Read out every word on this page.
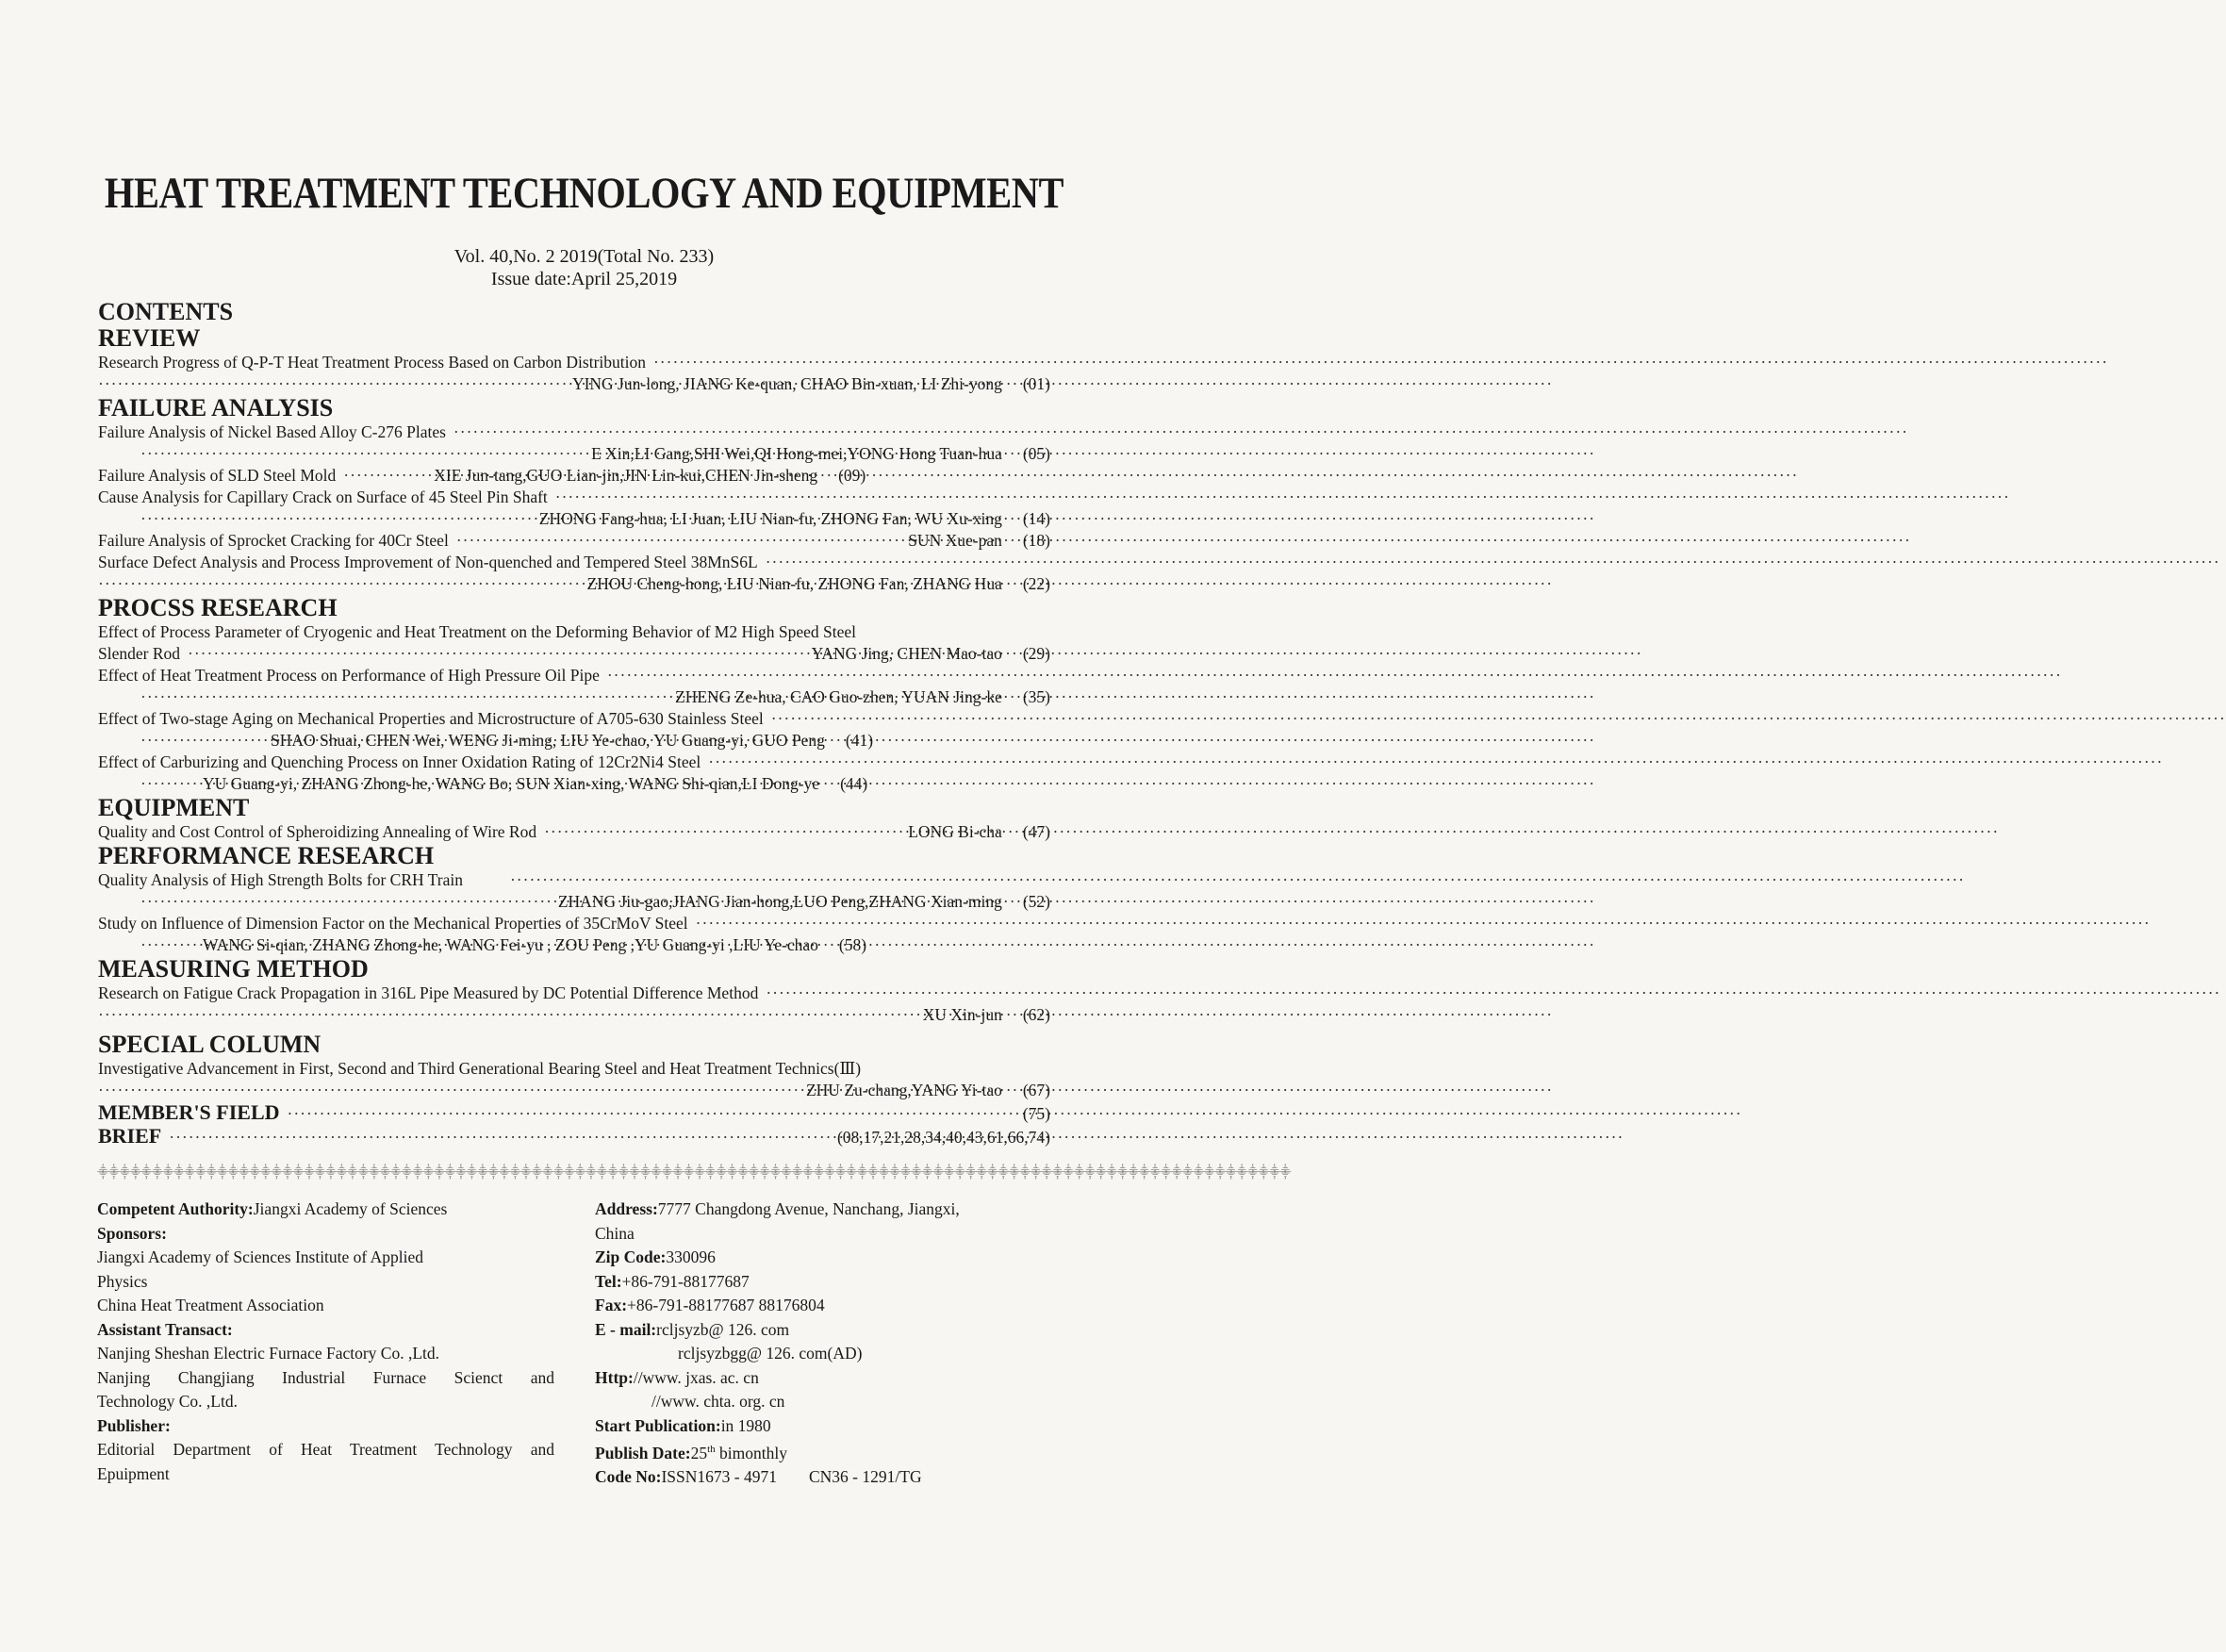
HEAT TREATMENT TECHNOLOGY AND EQUIPMENT
Vol. 40,No. 2 2019(Total No. 233)
Issue date:April 25,2019
CONTENTS
REVIEW
Research Progress of Q-P-T Heat Treatment Process Based on Carbon Distribution
·····
·····
YING Jun-long, JIANG Ke-quan, CHAO Bin-xuan, LI Zhi-yong (01)
FAILURE ANALYSIS
Failure Analysis of Nickel Based Alloy C-276 Plates
·····
·····
E Xin,LI Gang,SHI Wei,QI Hong-mei,YONG Hong Tuan-hua (05)
Failure Analysis of SLD Steel Mold ·····	XIE Jun-tang,GUO Lian-jin,JIN Lin-kui,CHEN Jin-sheng (09)
Cause Analysis for Capillary Crack on Surface of 45 Steel Pin Shaft
·····
·····
ZHONG Fang-hua, LI Juan, LIU Nian-fu, ZHONG Fan, WU Xu-xing (14)
Failure Analysis of Sprocket Cracking for 40Cr Steel ·····	SUN Xue-pan (18)
Surface Defect Analysis and Process Improvement of Non-quenched and Tempered Steel 38MnS6L
·····
·····
ZHOU Cheng-hong, LIU Nian-fu, ZHONG Fan, ZHANG Hua (22)
PROCSS RESEARCH
Effect of Process Parameter of Cryogenic and Heat Treatment on the Deforming Behavior of M2 High Speed Steel
Slender Rod ·····	YANG Jing, CHEN Mao-tao (29)
Effect of Heat Treatment Process on Performance of High Pressure Oil Pipe
·····
·····
ZHENG Ze-hua, CAO Guo-zhen, YUAN Jing-ke (35)
Effect of Two-stage Aging on Mechanical Properties and Microstructure of A705-630 Stainless Steel
·····
·····
SHAO Shuai, CHEN Wei, WENG Ji-ming, LIU Ye-chao, YU Guang-yi, GUO Peng (41)
Effect of Carburizing and Quenching Process on Inner Oxidation Rating of 12Cr2Ni4 Steel
·····
·····
YU Guang-yi, ZHANG Zhong-he, WANG Bo, SUN Xian-xing, WANG Shi-qian,LI Dong-ye (44)
EQUIPMENT
Quality and Cost Control of Spheroidizing Annealing of Wire Rod ·····	LONG Bi-cha (47)
PERFORMANCE RESEARCH
Quality Analysis of High Strength Bolts for CRH Train
·····
·····
ZHANG Jiu-gao,JIANG Jian-hong,LUO Peng,ZHANG Xian-ming (52)
Study on Influence of Dimension Factor on the Mechanical Properties of 35CrMoV Steel
·····
·····
WANG Si-qian, ZHANG Zhong-he, WANG Fei-yu , ZOU Peng ,YU Guang-yi ,LIU Ye-chao (58)
MEASURING METHOD
Research on Fatigue Crack Propagation in 316L Pipe Measured by DC Potential Difference Method
·····
·····
XU Xin-jun (62)
SPECIAL COLUMN
Investigative Advancement in First, Second and Third Generational Bearing Steel and Heat Treatment Technics(Ⅲ)
·····
ZHU Zu-chang,YANG Yi-tao (67)
MEMBER'S FIELD ·····	(75)
BRIEF ·····	(08,17,21,28,34,40,43,61,66,74)
⸎⸎⸎⸎⸎⸎⸎⸎⸎⸎⸎⸎⸎⸎⸎⸎⸎⸎⸎⸎⸎⸎⸎⸎⸎⸎⸎⸎⸎⸎⸎⸎⸎⸎⸎⸎⸎⸎⸎⸎⸎⸎⸎⸎⸎⸎⸎⸎⸎⸎⸎⸎⸎⸎⸎⸎⸎⸎⸎⸎⸎⸎⸎⸎⸎⸎⸎⸎⸎⸎⸎⸎⸎⸎⸎⸎⸎⸎⸎⸎⸎⸎⸎⸎⸎⸎⸎⸎⸎⸎⸎⸎⸎⸎⸎⸎⸎⸎⸎⸎⸎⸎⸎⸎⸎⸎⸎⸎⸎⸎
Competent Authority:Jiangxi Academy of Sciences
Sponsors:
Jiangxi Academy of Sciences Institute of Applied
Physics
China Heat Treatment Association
Assistant Transact:
Nanjing Sheshan Electric Furnace Factory Co. ,Ltd.
Nanjing Changjiang Industrial Furnace Scienct and
Technology Co. ,Ltd.
Publisher:
Editorial Department of Heat Treatment Technology and
Epuipment
Address:7777 Changdong Avenue, Nanchang, Jiangxi,
China
Zip Code:330096
Tel:+86-791-88177687
Fax:+86-791-88177687 88176804
E - mail:rcljsyzb@ 126. com
rcljsyzbgg@ 126. com(AD)
Http://www. jxas. ac. cn
//www. chta. org. cn
Start Publication:in 1980
Publish Date:25th bimonthly
Code No:ISSN1673 - 4971 CN36 - 1291/TG
